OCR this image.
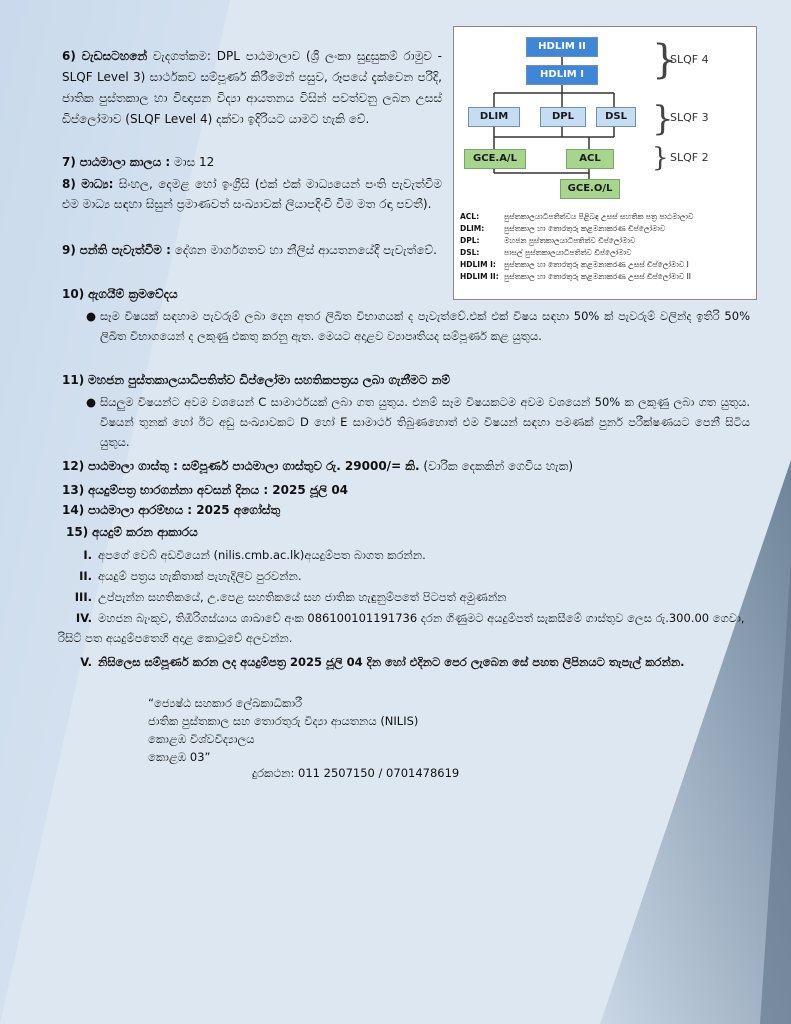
6) වැඩසටහනේ වැදගත්කම: DPL පාඨමාලාව (ශ්‍රී ලංකා සුදුසුකම් රාමුව - SLQF Level 3) සාර්ථකව සම්පූර්ණ කිරීමෙන් පසුව, රූපයේ දැක්වෙන පරිදි, ජාතික පුස්තකාල හා විඥාපන විද්‍යා ආයතනය විසින් පවත්වනු ලබන උසස් ඩිප්ලෝමාව (SLQF Level 4) දක්වා ඉදිරියට යාමට හැකි වේ.
7) පාඨමාලා කාලය : මාස 12
8) මාධ්‍ය: සිංහල, දෙමළ හෝ ඉංග්‍රීසි (එක් එක් මාධ්‍යයෙන් පංති පැවැත්වීම එම මාධ්‍ය සඳහා සිසුන් ප්‍රමාණවත් සංඛ්‍යාවක් ලියාපදිංචි වීම මත රඳා පවතී).
9) පන්ති පැවැත්වීම : දේශන මාර්ගගතව හා නීලිස් ආයතනයේදී පැවැත්වේ.
10) ඇගයීම් ක්‍රමවේදය
● සෑම විෂයක් සඳහාම පැවරුම් ලබා දෙන අතර ලිඛිත විභාගයක් ද පැවැත්වේ.එක් එක් විෂය සඳහා 50% ක් පැවරුම් වලින්ද ඉතිරි 50% ලිඛිත විභාගයෙන් ද ලකුණු එකතු කරනු ඇත. මෙයට අදාළව ව්‍යාපෘතියද සම්පූර්ණ කළ යුතුය.
11) මහජන පුස්තකාලයාධිපතිත්ව ඩිප්ලෝමා සහතිකපත්‍රය ලබා ගැනීමට නම්
● සියලුම විෂයන්ට අවම වශයෙන් C සාමාර්ථයක් ලබා ගත යුතුය. එනම් සෑම විෂයකටම අවම වශයෙන් 50% ක ලකුණු ලබා ගත යුතුය. විෂයන් තුනක් හෝ ඊට අඩු සංඛ්‍යාවකට D හෝ E සාමාර්ථ තිබුණහොත් එම විෂයන් සඳහා පමණක් පුනර් පරීක්ෂණයට පෙනී සිටිය යුතුය.
12) පාඨමාලා ගාස්තු : සම්පූර්ණ පාඨමාලා ගාස්තුව රු. 29000/= කි. (වාරික දෙකකින් ගෙවිය හැක)
13) අයදුම්පත්‍ර භාරගන්නා අවසන් දිනය : 2025 ජූලි 04
14) පාඨමාලා ආරම්භය : 2025 අගෝස්තු
15) අයදුම් කරන ආකාරය
I. අපගේ වෙබ් අඩවියෙන් (nilis.cmb.ac.lk)අයදුම්පත බාගත කරන්න.
II. අයදුම් පත්‍රය හැකිතාක් පැහැදිලිව පුරවන්න.
III. උප්පැන්න සහතිකයේ, උ.පෙළ සහතිකයේ සහ ජාතික හැඳුනුම්පතේ පිටපත් අමුණන්න
IV. මහජන බැංකුව, තිඹිරිගස්යාය ශාඛාවේ අංක 086100101191736 දරන ගිණුමට අයදුම්පත් සැකසීමේ ගාස්තුව ලෙස රු.300.00 ගෙවා, රිසිට් පත අයදුම්පතෙහි අදාළ කොටුවේ අලවන්න.
V. නිසිලෙස සම්පූර්ණ කරන ලද අයදුම්පත්‍ර 2025 ජූලි 04 දින හෝ එදිනට පෙර ලැබෙන සේ පහත ලිපිනයට තැපැල් කරන්න.
“ජ්‍යෙෂ්ඨ සහකාර ලේඛකාධිකාරී
ජාතික පුස්තකාල සහ තොරතුරු විද්‍යා ආයතනය (NILIS)
කොළඹ විශ්වවිද්‍යාලය
කොළඹ 03”
දුරකථන: 011 2507150 / 0701478619
HDLIM II
HDLIM I
DLIM	DPL	DSL
GCE.A/L	ACL
GCE.O/L
}
SLQF 4
}
SLQF 3
} SLQF 2
ACL:	පුස්තකාලයාධිපතිත්වය පිළිබඳ උසස් සහතික පත්‍ර පාඨමාලාව
DLIM:	පුස්තකාල හා තොරතුරු කළමනාකරණ ඩිප්ලෝමාව
DPL:	මහජන පුස්තකාලයාධිපතිත්ව ඩිප්ලෝමාව
DSL:	පාසල් පුස්තකාලයාධිපතිත්ව ඩිප්ලෝමාව
HDLIM I: පුස්තකාල හා තොරතුරු කළමනාකරණ උසස් ඩිප්ලෝමාව I
HDLIM II: පුස්තකාල හා තොරතුරු කළමනාකරණ උසස් ඩිප්ලෝමාව II
